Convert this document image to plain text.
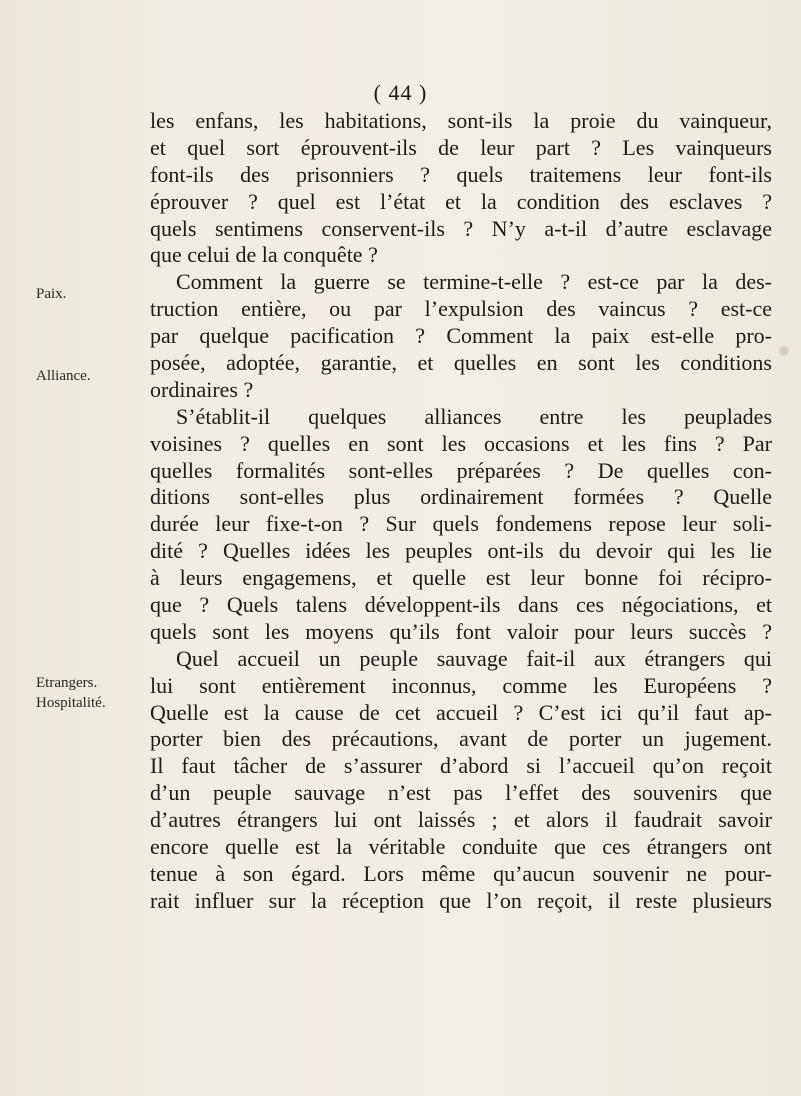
( 44 )
Paix.
Alliance.
Etrangers.
Hospitalité.
les enfans, les habitations, sont-ils la proie du vainqueur,
et quel sort éprouvent-ils de leur part ? Les vainqueurs
font-ils des prisonniers ? quels traitemens leur font-ils
éprouver ? quel est l’état et la condition des esclaves ?
quels sentimens conservent-ils ? N’y a-t-il d’autre esclavage
que celui de la conquête ?
Comment la guerre se termine-t-elle ? est-ce par la des-
truction entière, ou par l’expulsion des vaincus ? est-ce
par quelque pacification ? Comment la paix est-elle pro-
posée, adoptée, garantie, et quelles en sont les conditions
ordinaires ?
S’établit-il quelques alliances entre les peuplades
voisines ? quelles en sont les occasions et les fins ? Par
quelles formalités sont-elles préparées ? De quelles con-
ditions sont-elles plus ordinairement formées ? Quelle
durée leur fixe-t-on ? Sur quels fondemens repose leur soli-
dité ? Quelles idées les peuples ont-ils du devoir qui les lie
à leurs engagemens, et quelle est leur bonne foi récipro-
que ? Quels talens développent-ils dans ces négociations, et
quels sont les moyens qu’ils font valoir pour leurs succès ?
Quel accueil un peuple sauvage fait-il aux étrangers qui
lui sont entièrement inconnus, comme les Européens ?
Quelle est la cause de cet accueil ? C’est ici qu’il faut ap-
porter bien des précautions, avant de porter un jugement.
Il faut tâcher de s’assurer d’abord si l’accueil qu’on reçoit
d’un peuple sauvage n’est pas l’effet des souvenirs que
d’autres étrangers lui ont laissés ; et alors il faudrait savoir
encore quelle est la véritable conduite que ces étrangers ont
tenue à son égard. Lors même qu’aucun souvenir ne pour-
rait influer sur la réception que l’on reçoit, il reste plusieurs
